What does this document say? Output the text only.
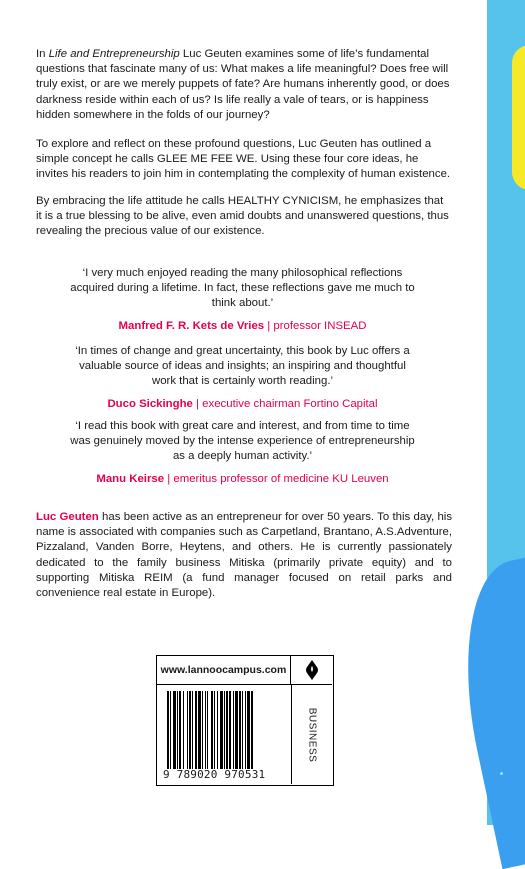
In Life and Entrepreneurship Luc Geuten examines some of life’s fundamental questions that fascinate many of us: What makes a life meaningful? Does free will truly exist, or are we merely puppets of fate? Are humans inherently good, or does darkness reside within each of us? Is life really a vale of tears, or is happiness hidden somewhere in the folds of our journey?

To explore and reflect on these profound questions, Luc Geuten has outlined a simple concept he calls GLEE ME FEE WE. Using these four core ideas, he invites his readers to join him in contemplating the complexity of human existence.

By embracing the life attitude he calls HEALTHY CYNICISM, he emphasizes that it is a true blessing to be alive, even amid doubts and unanswered questions, thus revealing the precious value of our existence.

‘I very much enjoyed reading the many philosophical reflections acquired during a lifetime. In fact, these reflections gave me much to think about.’
Manfred F. R. Kets de Vries | professor INSEAD

‘In times of change and great uncertainty, this book by Luc offers a valuable source of ideas and insights; an inspiring and thoughtful work that is certainly worth reading.’
Duco Sickinghe | executive chairman Fortino Capital

‘I read this book with great care and interest, and from time to time was genuinely moved by the intense experience of entrepreneurship as a deeply human activity.’
Manu Keirse | emeritus professor of medicine KU Leuven

Luc Geuten has been active as an entrepreneur for over 50 years. To this day, his name is associated with companies such as Carpetland, Brantano, A.S.Adventure, Pizzaland, Vanden Borre, Heytens, and others. He is currently passionately dedicated to the family business Mitiska (primarily private equity) and to supporting Mitiska REIM (a fund manager focused on retail parks and convenience real estate in Europe).

www.lannoocampus.com
BUSINESS
9 789020 970531
